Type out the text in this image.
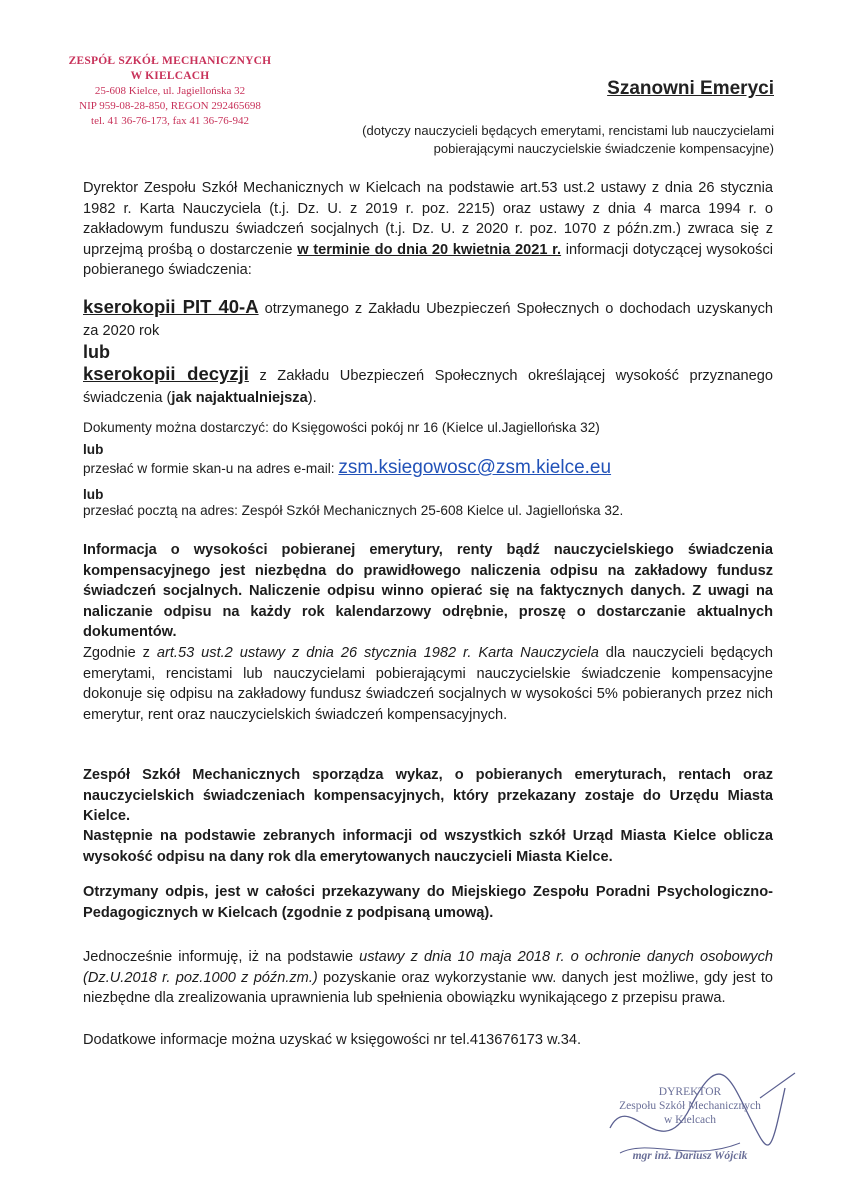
ZESPÓŁ SZKÓŁ MECHANICZNYCH
W KIELCACH
25-608 Kielce, ul. Jagiellońska 32
NIP 959-08-28-850, REGON 292465698
tel. 41 36-76-173, fax 41 36-76-942
Szanowni Emeryci
(dotyczy nauczycieli będących emerytami, rencistami lub nauczycielami
pobierającymi nauczycielskie świadczenie kompensacyjne)
Dyrektor Zespołu Szkół Mechanicznych w Kielcach na podstawie art.53 ust.2 ustawy z dnia 26 stycznia 1982 r. Karta Nauczyciela (t.j. Dz. U. z 2019 r. poz. 2215) oraz ustawy z dnia 4 marca 1994 r. o zakładowym funduszu świadczeń socjalnych (t.j. Dz. U. z 2020 r. poz. 1070 z późn.zm.) zwraca się z uprzejmą prośbą o dostarczenie w terminie do dnia 20 kwietnia 2021 r. informacji dotyczącej wysokości pobieranego świadczenia:
kserokopii PIT 40-A otrzymanego z Zakładu Ubezpieczeń Społecznych o dochodach uzyskanych za 2020 rok
lub
kserokopii decyzji z Zakładu Ubezpieczeń Społecznych określającej wysokość przyznanego świadczenia (jak najaktualniejsza).
Dokumenty można dostarczyć: do Księgowości pokój nr 16 (Kielce ul.Jagiellońska 32)
lub
przesłać w formie skan-u na adres e-mail: zsm.ksiegowosc@zsm.kielce.eu
lub
przesłać pocztą na adres: Zespół Szkół Mechanicznych 25-608 Kielce ul. Jagiellońska 32.
Informacja o wysokości pobieranej emerytury, renty bądź nauczycielskiego świadczenia kompensacyjnego jest niezbędna do prawidłowego naliczenia odpisu na zakładowy fundusz świadczeń socjalnych. Naliczenie odpisu winno opierać się na faktycznych danych. Z uwagi na naliczanie odpisu na każdy rok kalendarzowy odrębnie, proszę o dostarczanie aktualnych dokumentów.
Zgodnie z art.53 ust.2 ustawy z dnia 26 stycznia 1982 r. Karta Nauczyciela dla nauczycieli będących emerytami, rencistami lub nauczycielami pobierającymi nauczycielskie świadczenie kompensacyjne dokonuje się odpisu na zakładowy fundusz świadczeń socjalnych w wysokości 5% pobieranych przez nich emerytur, rent oraz nauczycielskich świadczeń kompensacyjnych.
Zespół Szkół Mechanicznych sporządza wykaz, o pobieranych emeryturach, rentach oraz nauczycielskich świadczeniach kompensacyjnych, który przekazany zostaje do Urzędu Miasta Kielce.
Następnie na podstawie zebranych informacji od wszystkich szkół Urząd Miasta Kielce oblicza wysokość odpisu na dany rok dla emerytowanych nauczycieli Miasta Kielce.
Otrzymany odpis, jest w całości przekazywany do Miejskiego Zespołu Poradni Psychologiczno-Pedagogicznych w Kielcach (zgodnie z podpisaną umową).
Jednocześnie informuję, iż na podstawie ustawy z dnia 10 maja 2018 r. o ochronie danych osobowych (Dz.U.2018 r. poz.1000 z późn.zm.) pozyskanie oraz wykorzystanie ww. danych jest możliwe, gdy jest to niezbędne dla zrealizowania uprawnienia lub spełnienia obowiązku wynikającego z przepisu prawa.
Dodatkowe informacje można uzyskać w księgowości nr tel.413676173 w.34.
DYREKTOR
Zespołu Szkół Mechanicznych
w Kielcach
mgr inż. Dariusz Wójcik
